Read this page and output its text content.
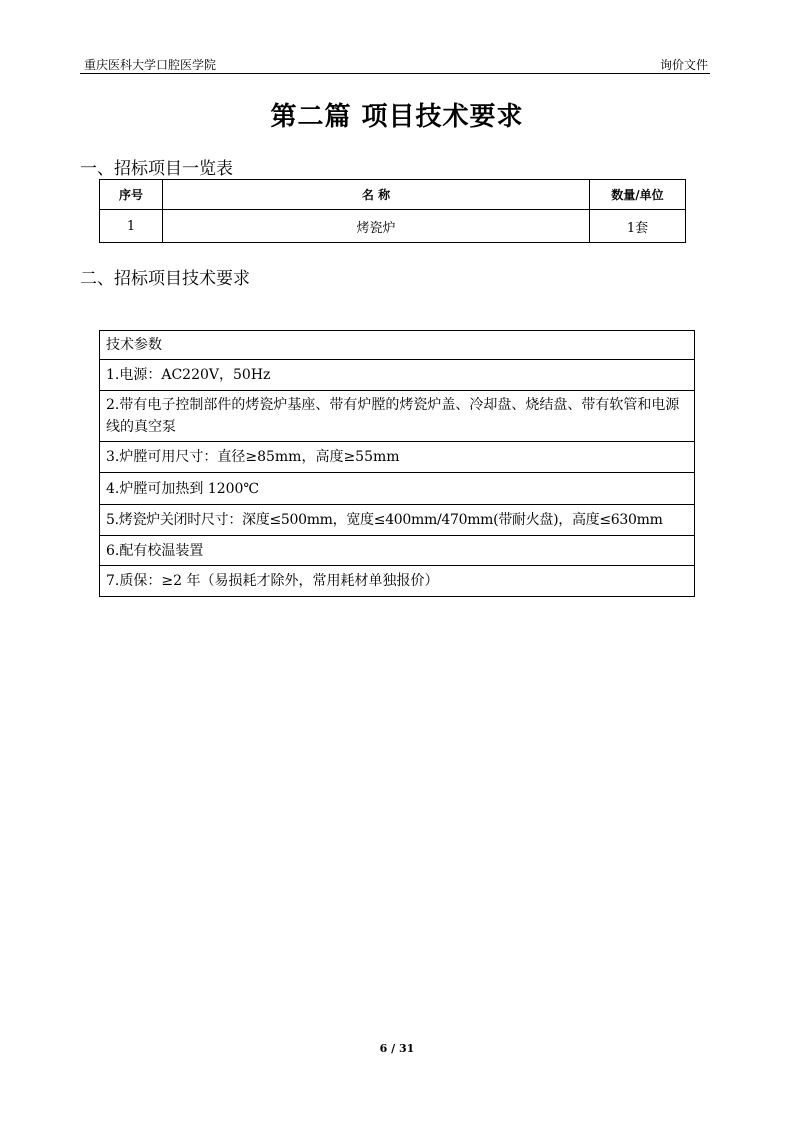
重庆医科大学口腔医学院	询价文件
第二篇 项目技术要求
一、招标项目一览表
序号	名 称	数量/单位
1	烤瓷炉	1套
二、招标项目技术要求
技术参数
1.电源：AC220V，50Hz
2.带有电子控制部件的烤瓷炉基座、带有炉膛的烤瓷炉盖、冷却盘、烧结盘、带有软管和电源线的真空泵
3.炉膛可用尺寸：直径≥85mm，高度≥55mm
4.炉膛可加热到 1200℃
5.烤瓷炉关闭时尺寸：深度≤500mm，宽度≤400mm/470mm(带耐火盘)，高度≤630mm
6.配有校温装置
7.质保：≥2 年（易损耗才除外，常用耗材单独报价）
6 / 31
